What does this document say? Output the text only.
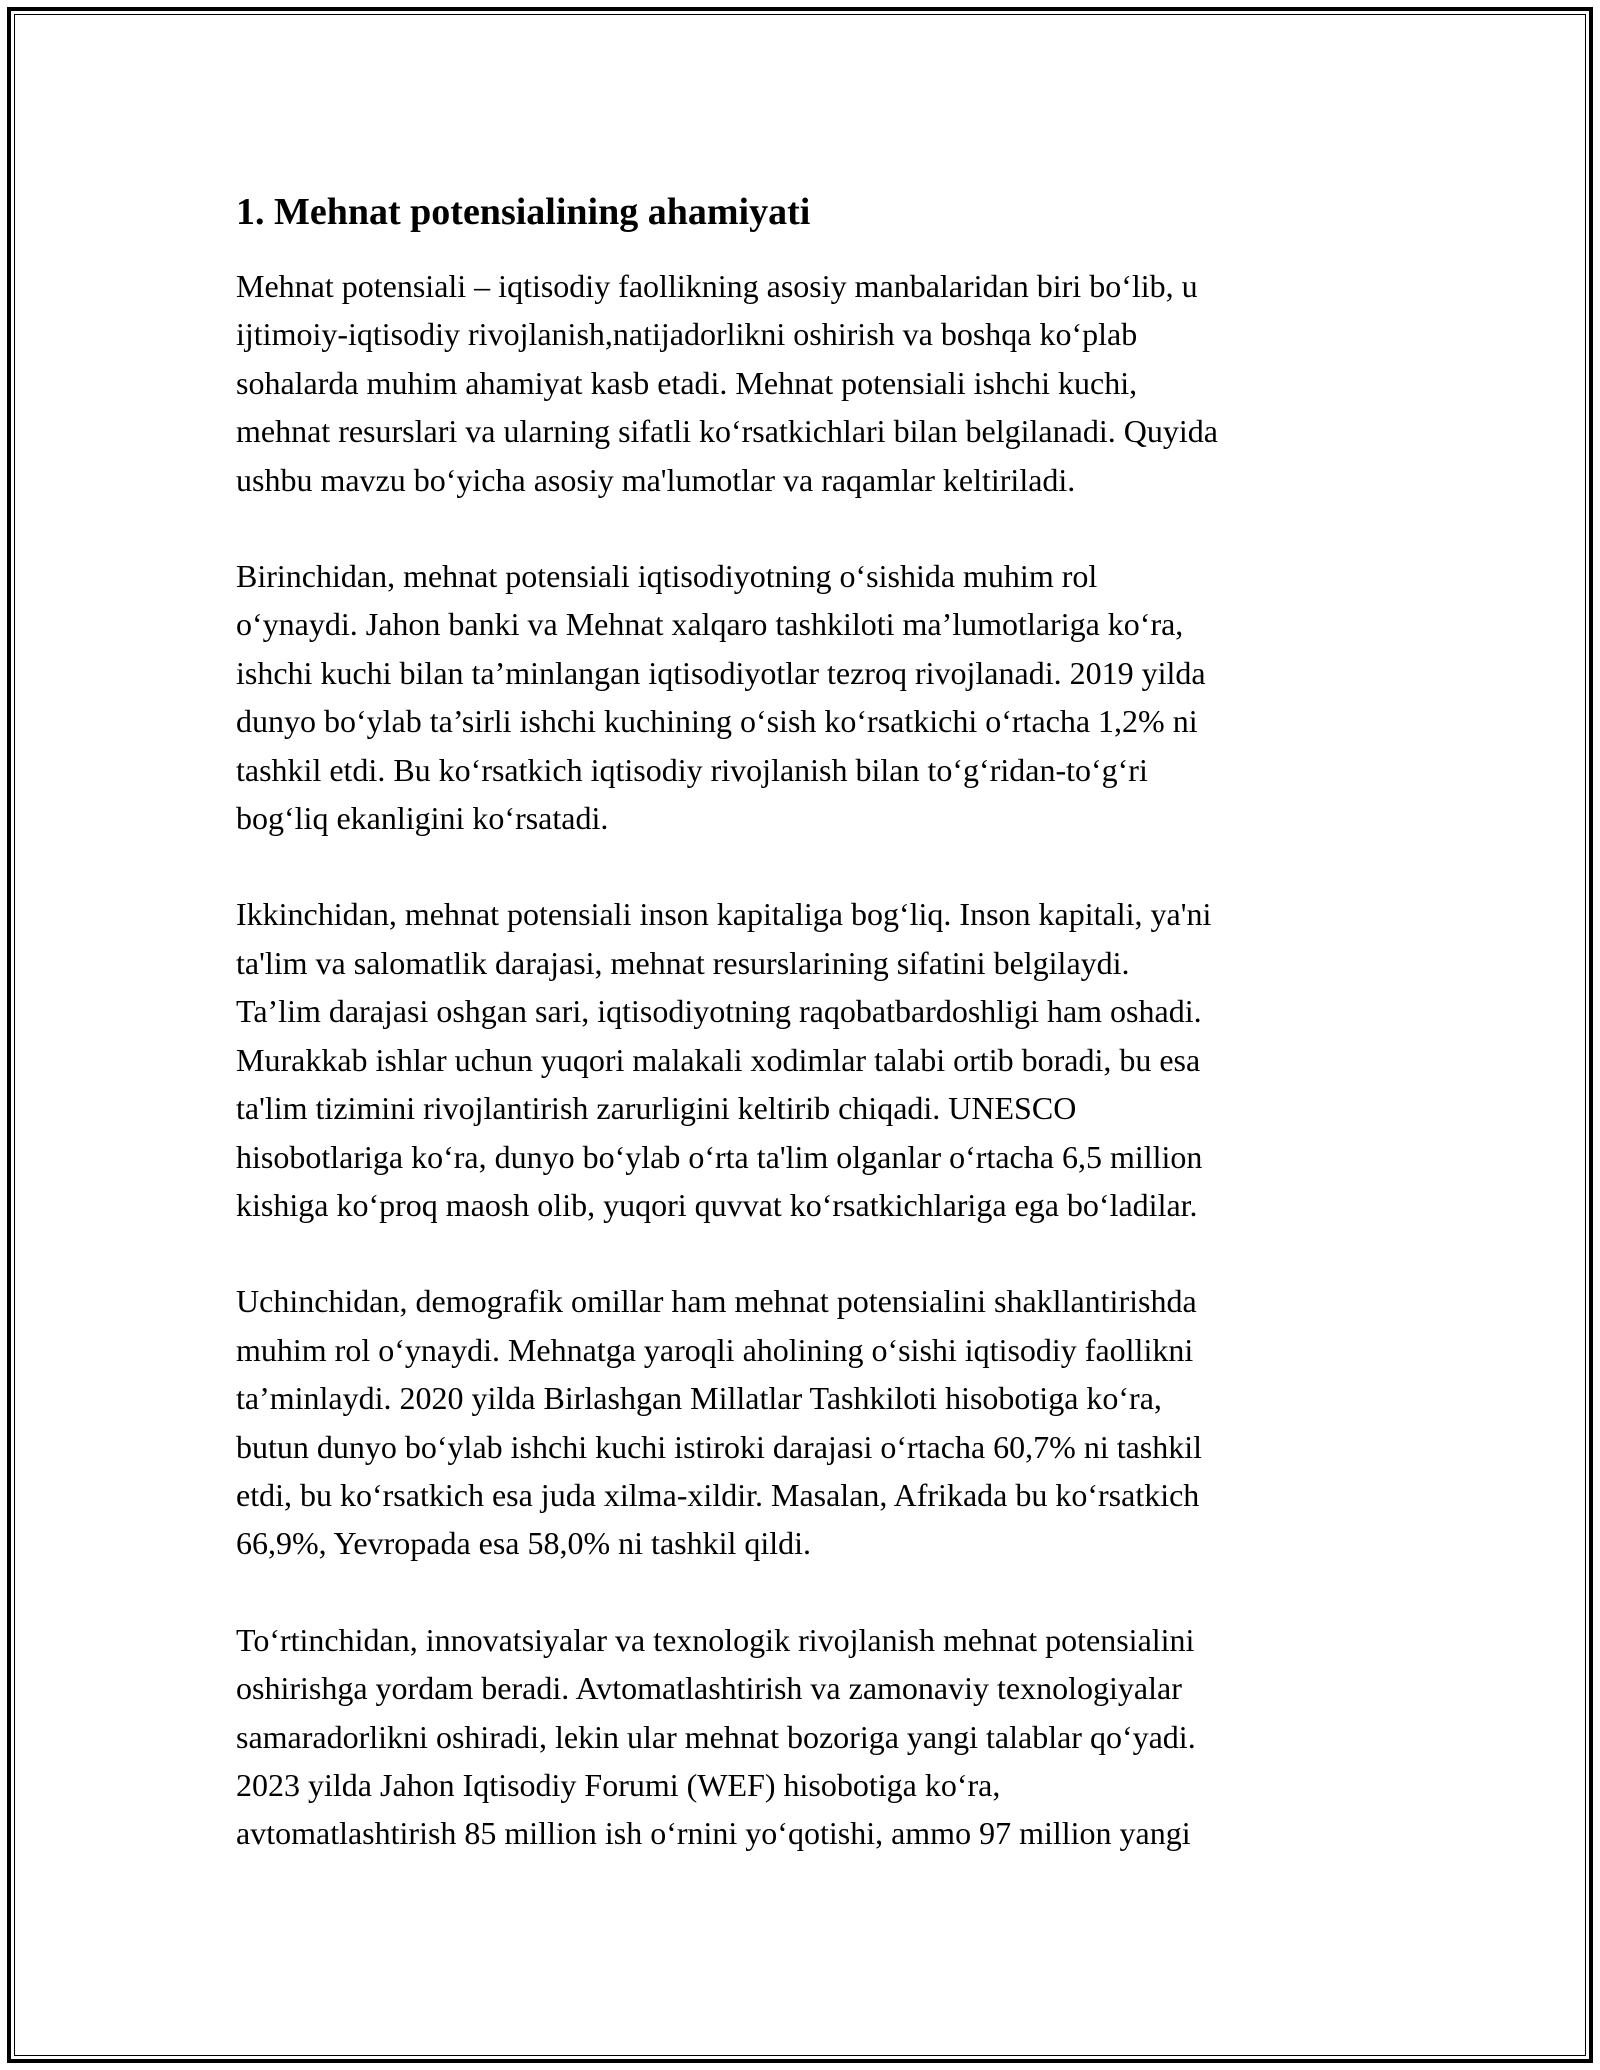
1. Mehnat potensialining ahamiyati

Mehnat potensiali – iqtisodiy faollikning asosiy manbalaridan biri bo‘lib, u
ijtimoiy-iqtisodiy rivojlanish,natijadorlikni oshirish va boshqa ko‘plab
sohalarda muhim ahamiyat kasb etadi. Mehnat potensiali ishchi kuchi,
mehnat resurslari va ularning sifatli ko‘rsatkichlari bilan belgilanadi. Quyida
ushbu mavzu bo‘yicha asosiy ma'lumotlar va raqamlar keltiriladi.

Birinchidan, mehnat potensiali iqtisodiyotning o‘sishida muhim rol
o‘ynaydi. Jahon banki va Mehnat xalqaro tashkiloti ma’lumotlariga ko‘ra,
ishchi kuchi bilan ta’minlangan iqtisodiyotlar tezroq rivojlanadi. 2019 yilda
dunyo bo‘ylab ta’sirli ishchi kuchining o‘sish ko‘rsatkichi o‘rtacha 1,2% ni
tashkil etdi. Bu ko‘rsatkich iqtisodiy rivojlanish bilan to‘g‘ridan-to‘g‘ri
bog‘liq ekanligini ko‘rsatadi.

Ikkinchidan, mehnat potensiali inson kapitaliga bog‘liq. Inson kapitali, ya'ni
ta'lim va salomatlik darajasi, mehnat resurslarining sifatini belgilaydi.
Ta’lim darajasi oshgan sari, iqtisodiyotning raqobatbardoshligi ham oshadi.
Murakkab ishlar uchun yuqori malakali xodimlar talabi ortib boradi, bu esa
ta'lim tizimini rivojlantirish zarurligini keltirib chiqadi. UNESCO
hisobotlariga ko‘ra, dunyo bo‘ylab o‘rta ta'lim olganlar o‘rtacha 6,5 million
kishiga ko‘proq maosh olib, yuqori quvvat ko‘rsatkichlariga ega bo‘ladilar.

Uchinchidan, demografik omillar ham mehnat potensialini shakllantirishda
muhim rol o‘ynaydi. Mehnatga yaroqli aholining o‘sishi iqtisodiy faollikni
ta’minlaydi. 2020 yilda Birlashgan Millatlar Tashkiloti hisobotiga ko‘ra,
butun dunyo bo‘ylab ishchi kuchi istiroki darajasi o‘rtacha 60,7% ni tashkil
etdi, bu ko‘rsatkich esa juda xilma-xildir. Masalan, Afrikada bu ko‘rsatkich
66,9%, Yevropada esa 58,0% ni tashkil qildi.

To‘rtinchidan, innovatsiyalar va texnologik rivojlanish mehnat potensialini
oshirishga yordam beradi. Avtomatlashtirish va zamonaviy texnologiyalar
samaradorlikni oshiradi, lekin ular mehnat bozoriga yangi talablar qo‘yadi.
2023 yilda Jahon Iqtisodiy Forumi (WEF) hisobotiga ko‘ra,
avtomatlashtirish 85 million ish o‘rnini yo‘qotishi, ammo 97 million yangi
